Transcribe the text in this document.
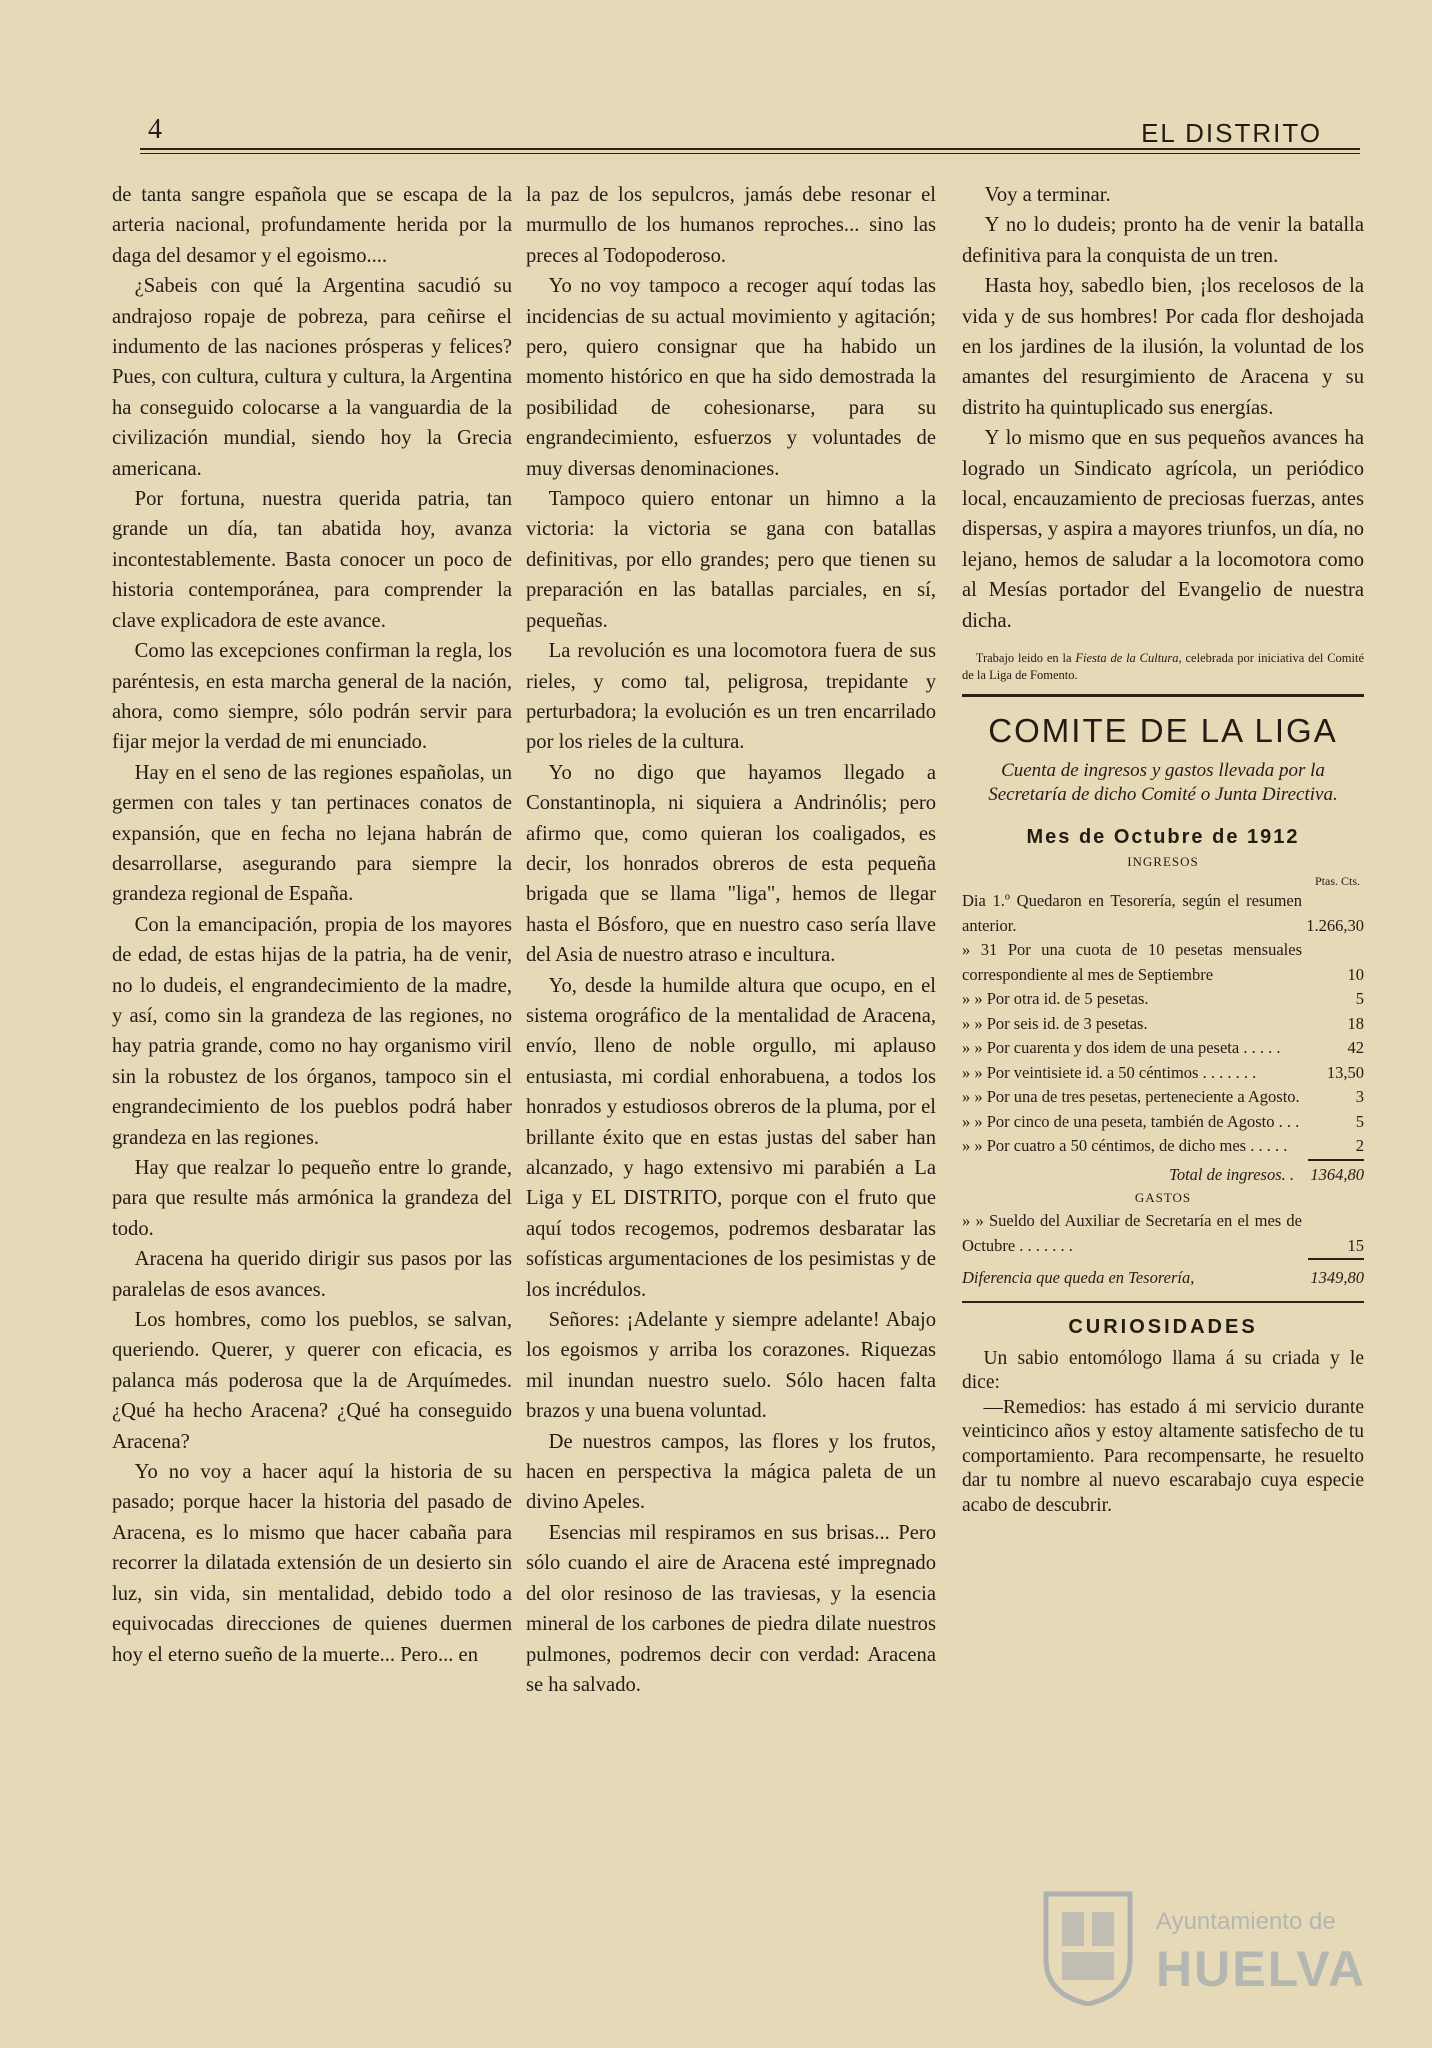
4	EL DISTRITO

de tanta sangre española que se escapa de la arteria nacional, profundamente herida por la daga del desamor y el egoismo....

¿Sabeis con qué la Argentina sacudió su andrajoso ropaje de pobreza, para ceñirse el indumento de las naciones prósperas y felices? Pues, con cultura, cultura y cultura, la Argentina ha conseguido colocarse a la vanguardia de la civilización mundial, siendo hoy la Grecia americana.

Por fortuna, nuestra querida patria, tan grande un día, tan abatida hoy, avanza incontestablemente. Basta conocer un poco de historia contemporánea, para comprender la clave explicadora de este avance.

Como las excepciones confirman la regla, los paréntesis, en esta marcha general de la nación, ahora, como siempre, sólo podrán servir para fijar mejor la verdad de mi enunciado.

Hay en el seno de las regiones españolas, un germen con tales y tan pertinaces conatos de expansión, que en fecha no lejana habrán de desarrollarse, asegurando para siempre la grandeza regional de España.

Con la emancipación, propia de los mayores de edad, de estas hijas de la patria, ha de venir, no lo dudeis, el engrandecimiento de la madre, y así, como sin la grandeza de las regiones, no hay patria grande, como no hay organismo viril sin la robustez de los órganos, tampoco sin el engrandecimiento de los pueblos podrá haber grandeza en las regiones.

Hay que realzar lo pequeño entre lo grande, para que resulte más armónica la grandeza del todo.

Aracena ha querido dirigir sus pasos por las paralelas de esos avances.

Los hombres, como los pueblos, se salvan, queriendo. Querer, y querer con eficacia, es palanca más poderosa que la de Arquímedes. ¿Qué ha hecho Aracena? ¿Qué ha conseguido Aracena?

Yo no voy a hacer aquí la historia de su pasado; porque hacer la historia del pasado de Aracena, es lo mismo que hacer cabaña para recorrer la dilatada extensión de un desierto sin luz, sin vida, sin mentalidad, debido todo a equivocadas direcciones de quienes duermen hoy el eterno sueño de la muerte... Pero... en

la paz de los sepulcros, jamás debe resonar el murmullo de los humanos reproches... sino las preces al Todopoderoso.

Yo no voy tampoco a recoger aquí todas las incidencias de su actual movimiento y agitación; pero, quiero consignar que ha habido un momento histórico en que ha sido demostrada la posibilidad de cohesionarse, para su engrandecimiento, esfuerzos y voluntades de muy diversas denominaciones.

Tampoco quiero entonar un himno a la victoria: la victoria se gana con batallas definitivas, por ello grandes; pero que tienen su preparación en las batallas parciales, en sí, pequeñas.

La revolución es una locomotora fuera de sus rieles, y como tal, peligrosa, trepidante y perturbadora; la evolución es un tren encarrilado por los rieles de la cultura.

Yo no digo que hayamos llegado a Constantinopla, ni siquiera a Andrinólis; pero afirmo que, como quieran los coaligados, es decir, los honrados obreros de esta pequeña brigada que se llama "liga", hemos de llegar hasta el Bósforo, que en nuestro caso sería llave del Asia de nuestro atraso e incultura.

Yo, desde la humilde altura que ocupo, en el sistema orográfico de la mentalidad de Aracena, envío, lleno de noble orgullo, mi aplauso entusiasta, mi cordial enhorabuena, a todos los honrados y estudiosos obreros de la pluma, por el brillante éxito que en estas justas del saber han alcanzado, y hago extensivo mi parabién a La Liga y EL DISTRITO, porque con el fruto que aquí todos recogemos, podremos desbaratar las sofísticas argumentaciones de los pesimistas y de los incrédulos.

Señores: ¡Adelante y siempre adelante! Abajo los egoismos y arriba los corazones. Riquezas mil inundan nuestro suelo. Sólo hacen falta brazos y una buena voluntad.

De nuestros campos, las flores y los frutos, hacen en perspectiva la mágica paleta de un divino Apeles.

Esencias mil respiramos en sus brisas... Pero sólo cuando el aire de Aracena esté impregnado del olor resinoso de las traviesas, y la esencia mineral de los carbones de piedra dilate nuestros pulmones, podremos decir con verdad: Aracena se ha salvado.

Voy a terminar.

Y no lo dudeis; pronto ha de venir la batalla definitiva para la conquista de un tren.

Hasta hoy, sabedlo bien, ¡los recelosos de la vida y de sus hombres! Por cada flor deshojada en los jardines de la ilusión, la voluntad de los amantes del resurgimiento de Aracena y su distrito ha quintuplicado sus energías.

Y lo mismo que en sus pequeños avances ha logrado un Sindicato agrícola, un periódico local, encauzamiento de preciosas fuerzas, antes dispersas, y aspira a mayores triunfos, un día, no lejano, hemos de saludar a la locomotora como al Mesías portador del Evangelio de nuestra dicha.

Trabajo leido en la Fiesta de la Cultura, celebrada por iniciativa del Comité de la Liga de Fomento.

COMITE DE LA LIGA
Cuenta de ingresos y gastos llevada por la Secretaría de dicho Comité o Junta Directiva.
Mes de Octubre de 1912
INGRESOS
Ptas. Cts.
Dia 1.º Quedaron en Tesorería, según el resumen anterior.	1.266,30
» 31 Por una cuota de 10 pesetas mensuales correspondiente al mes de Septiembre	10
» » Por otra id. de 5 pesetas.	5
» » Por seis id. de 3 pesetas.	18
» » Por cuarenta y dos idem de una peseta . . . . .	42
» » Por veintisiete id. a 50 céntimos . . . . . . .	13,50
» » Por una de tres pesetas, perteneciente a Agosto.	3
» » Por cinco de una peseta, también de Agosto . . .	5
» » Por cuatro a 50 céntimos, de dicho mes . . . . .	2
Total de ingresos. . 1364,80
GASTOS
» » Sueldo del Auxiliar de Secretaría en el mes de Octubre . . . . . . .	15
Diferencia que queda en Tesorería,	1349,80
CURIOSIDADES

Un sabio entomólogo llama á su criada y le dice:

—Remedios: has estado á mi servicio durante veinticinco años y estoy altamente satisfecho de tu comportamiento. Para recompensarte, he resuelto dar tu nombre al nuevo escarabajo cuya especie acabo de descubrir.

Ayuntamiento de
HUELVA
